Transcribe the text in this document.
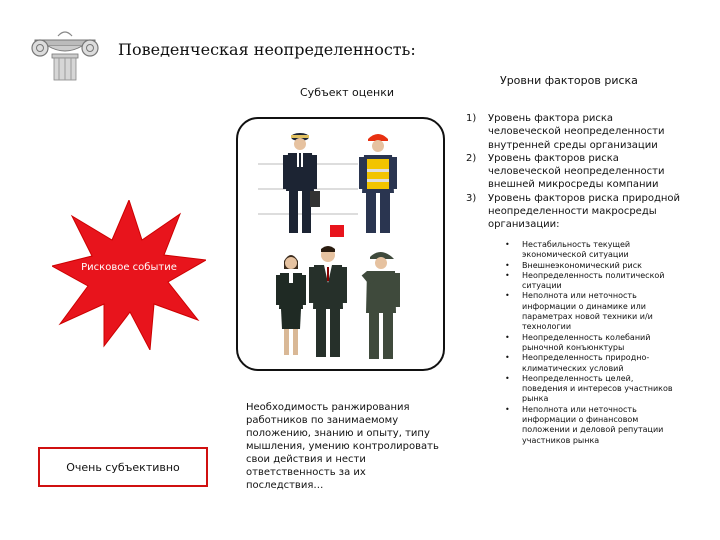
Поведенческая неопределенность:
Субъект оценки
Уровни факторов риска
Рисковое событие
Очень субъективно
Необходимость ранжирования работников по занимаемому положению, знанию и опыту, типу мышления, умению контролировать свои действия и нести ответственность за их последствия…
1) Уровень фактора риска человеческой неопределенности внутренней среды организации
2) Уровень факторов риска человеческой неопределенности внешней микросреды компании
3) Уровень факторов риска природной неопределенности макросреды организации:
• Нестабильность текущей экономической ситуации
• Внешнеэкономический риск
• Неопределенность политической ситуации
• Неполнота или неточность информации о динамике или параметрах новой техники и/и технологии
• Неопределенность колебаний рыночной конъюнктуры
• Неопределенность природно-климатических условий
• Неопределенность целей, поведения и интересов участников рынка
• Неполнота или неточность информации о финансовом положении и деловой репутации участников рынка
